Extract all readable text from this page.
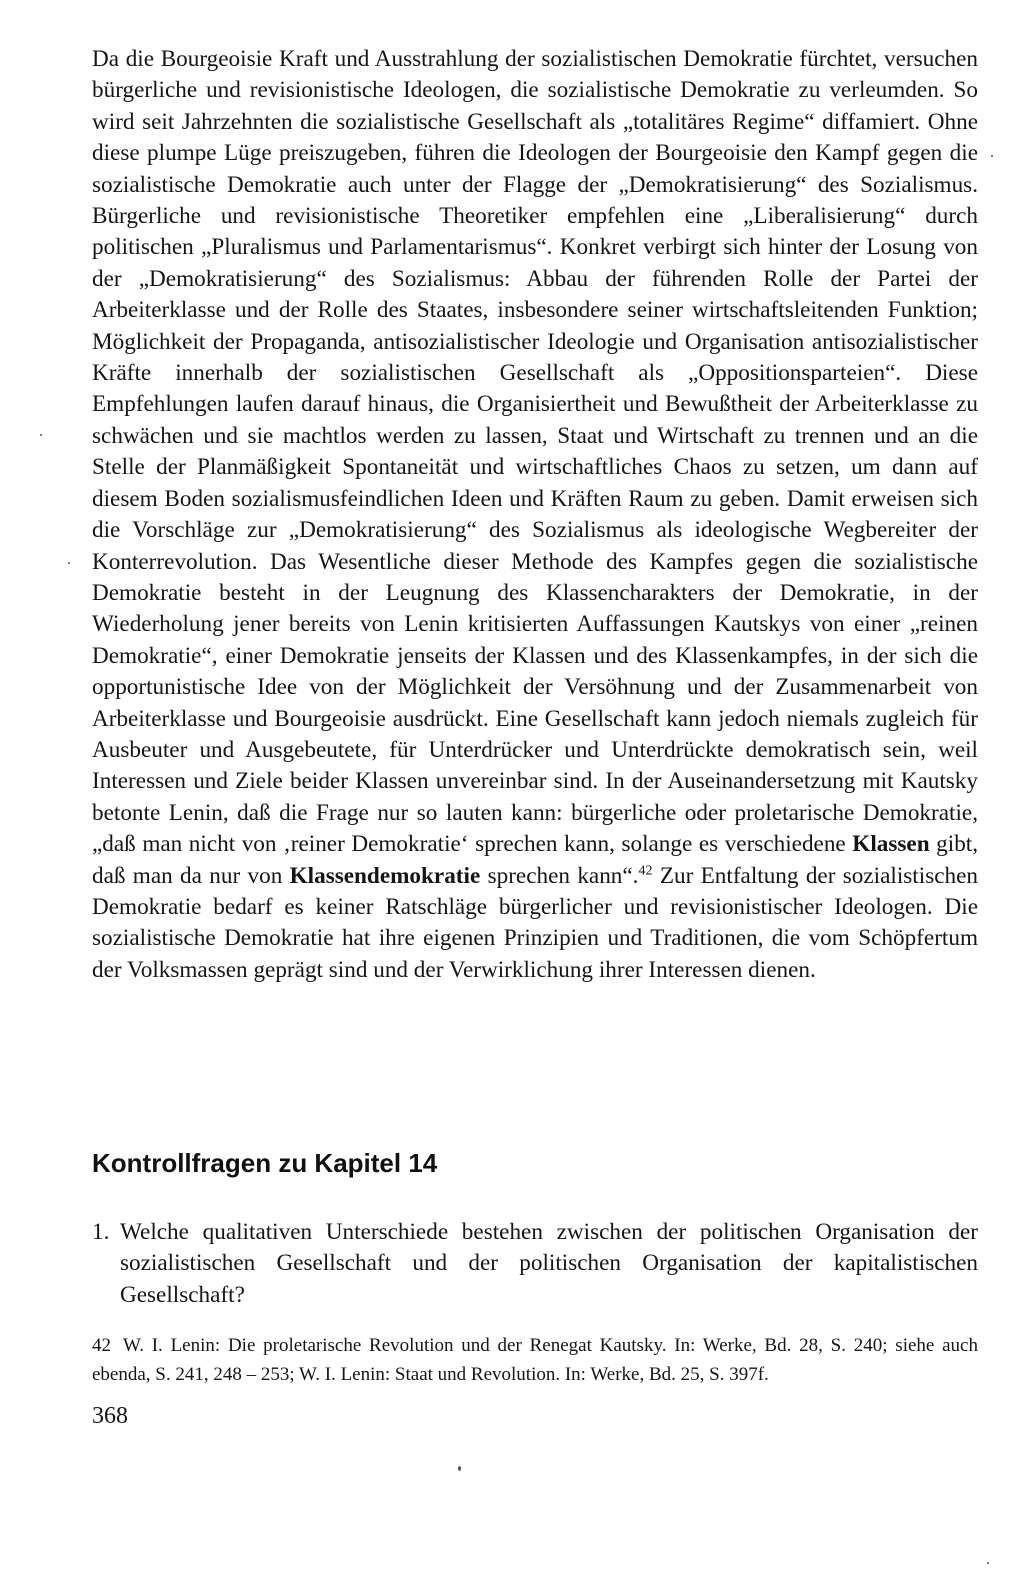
Da die Bourgeoisie Kraft und Ausstrahlung der sozialistischen Demokratie fürchtet, versuchen bürgerliche und revisionistische Ideologen, die sozialistische Demokratie zu verleumden. So wird seit Jahrzehnten die sozialistische Gesellschaft als „totalitäres Regime“ diffamiert. Ohne diese plumpe Lüge preiszugeben, führen die Ideologen der Bourgeoisie den Kampf gegen die sozialistische Demokratie auch unter der Flagge der „Demokratisierung“ des Sozialismus. Bürgerliche und revisionistische Theoretiker empfehlen eine „Liberalisierung“ durch politischen „Pluralismus und Parlamentarismus“. Konkret verbirgt sich hinter der Losung von der „Demokratisierung“ des Sozialismus: Abbau der führenden Rolle der Partei der Arbeiterklasse und der Rolle des Staates, insbesondere seiner wirtschaftsleitenden Funktion; Möglichkeit der Propaganda, antisozialistischer Ideologie und Organisation antisozialistischer Kräfte innerhalb der sozialistischen Gesellschaft als „Oppositionsparteien“. Diese Empfehlungen laufen darauf hinaus, die Organisiertheit und Bewußtheit der Arbeiterklasse zu schwächen und sie machtlos werden zu lassen, Staat und Wirtschaft zu trennen und an die Stelle der Planmäßigkeit Spontaneität und wirtschaftliches Chaos zu setzen, um dann auf diesem Boden sozialismusfeindlichen Ideen und Kräften Raum zu geben. Damit erweisen sich die Vorschläge zur „Demokratisierung“ des Sozialismus als ideologische Wegbereiter der Konterrevolution. Das Wesentliche dieser Methode des Kampfes gegen die sozialistische Demokratie besteht in der Leugnung des Klassencharakters der Demokratie, in der Wiederholung jener bereits von Lenin kritisierten Auffassungen Kautskys von einer „reinen Demokratie“, einer Demokratie jenseits der Klassen und des Klassenkampfes, in der sich die opportunistische Idee von der Möglichkeit der Versöhnung und der Zusammenarbeit von Arbeiterklasse und Bourgeoisie ausdrückt. Eine Gesellschaft kann jedoch niemals zugleich für Ausbeuter und Ausgebeutete, für Unterdrücker und Unterdrückte demokratisch sein, weil Interessen und Ziele beider Klassen unvereinbar sind. In der Auseinandersetzung mit Kautsky betonte Lenin, daß die Frage nur so lauten kann: bürgerliche oder proletarische Demokratie, „daß man nicht von ‚reiner Demokratie‘ sprechen kann, solange es verschiedene Klassen gibt, daß man da nur von Klassendemokratie sprechen kann“.$^{42}$ Zur Entfaltung der sozialistischen Demokratie bedarf es keiner Ratschläge bürgerlicher und revisionistischer Ideologen. Die sozialistische Demokratie hat ihre eigenen Prinzipien und Traditionen, die vom Schöpfertum der Volksmassen geprägt sind und der Verwirklichung ihrer Interessen dienen.

Kontrollfragen zu Kapitel 14
1. Welche qualitativen Unterschiede bestehen zwischen der politischen Organisation der sozialistischen Gesellschaft und der politischen Organisation der kapitalistischen Gesellschaft?

42 W. I. Lenin: Die proletarische Revolution und der Renegat Kautsky. In: Werke, Bd. 28, S. 240; siehe auch ebenda, S. 241, 248 – 253; W. I. Lenin: Staat und Revolution. In: Werke, Bd. 25, S. 397f.

368
